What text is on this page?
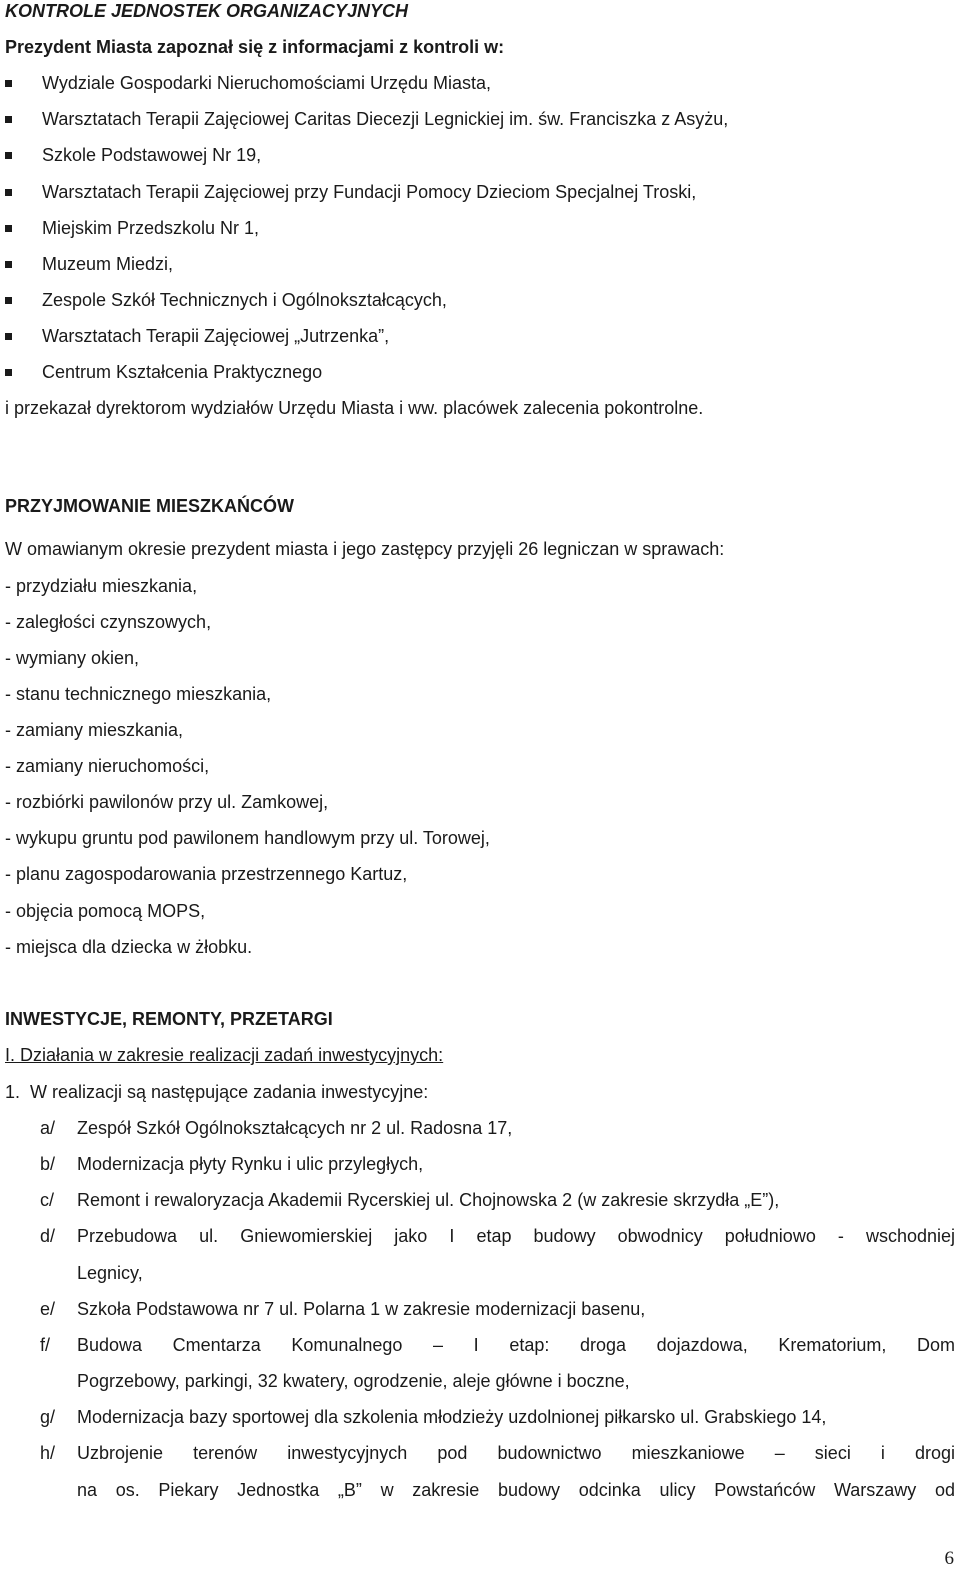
KONTROLE JEDNOSTEK ORGANIZACYJNYCH
Prezydent Miasta zapoznał się z informacjami z kontroli w:
Wydziale Gospodarki Nieruchomościami Urzędu Miasta,
Warsztatach Terapii Zajęciowej Caritas Diecezji Legnickiej im. św. Franciszka z Asyżu,
Szkole Podstawowej Nr 19,
Warsztatach Terapii Zajęciowej przy Fundacji Pomocy Dzieciom Specjalnej Troski,
Miejskim Przedszkolu Nr 1,
Muzeum Miedzi,
Zespole Szkół Technicznych i Ogólnokształcących,
Warsztatach Terapii Zajęciowej „Jutrzenka”,
Centrum Kształcenia Praktycznego
i przekazał dyrektorom wydziałów Urzędu Miasta i ww. placówek zalecenia pokontrolne.
PRZYJMOWANIE MIESZKAŃCÓW
W omawianym okresie prezydent miasta i jego zastępcy przyjęli 26 legniczan w sprawach:
- przydziału mieszkania,
- zaległości czynszowych,
- wymiany okien,
- stanu technicznego mieszkania,
- zamiany mieszkania,
- zamiany nieruchomości,
- rozbiórki pawilonów przy ul. Zamkowej,
- wykupu gruntu pod pawilonem handlowym przy ul. Torowej,
- planu zagospodarowania przestrzennego Kartuz,
- objęcia pomocą MOPS,
- miejsca dla dziecka w żłobku.
INWESTYCJE, REMONTY, PRZETARGI
I. Działania w zakresie realizacji zadań inwestycyjnych:
1.  W realizacji są następujące zadania inwestycyjne:
a/ Zespół Szkół Ogólnokształcących nr 2 ul. Radosna 17,
b/ Modernizacja płyty Rynku i ulic przyległych,
c/ Remont i rewaloryzacja Akademii Rycerskiej ul. Chojnowska 2 (w zakresie skrzydła „E”),
d/ Przebudowa ul. Gniewomierskiej jako I etap budowy obwodnicy południowo - wschodniej
Legnicy,
e/ Szkoła Podstawowa nr 7 ul. Polarna 1 w zakresie modernizacji basenu,
f/ Budowa Cmentarza Komunalnego – I etap: droga dojazdowa, Krematorium, Dom
Pogrzebowy, parkingi, 32 kwatery, ogrodzenie, aleje główne i boczne,
g/ Modernizacja bazy sportowej dla szkolenia młodzieży uzdolnionej piłkarsko ul. Grabskiego 14,
h/ Uzbrojenie terenów inwestycyjnych pod budownictwo mieszkaniowe – sieci i drogi
na os. Piekary Jednostka „B” w zakresie budowy odcinka ulicy Powstańców Warszawy od
6
